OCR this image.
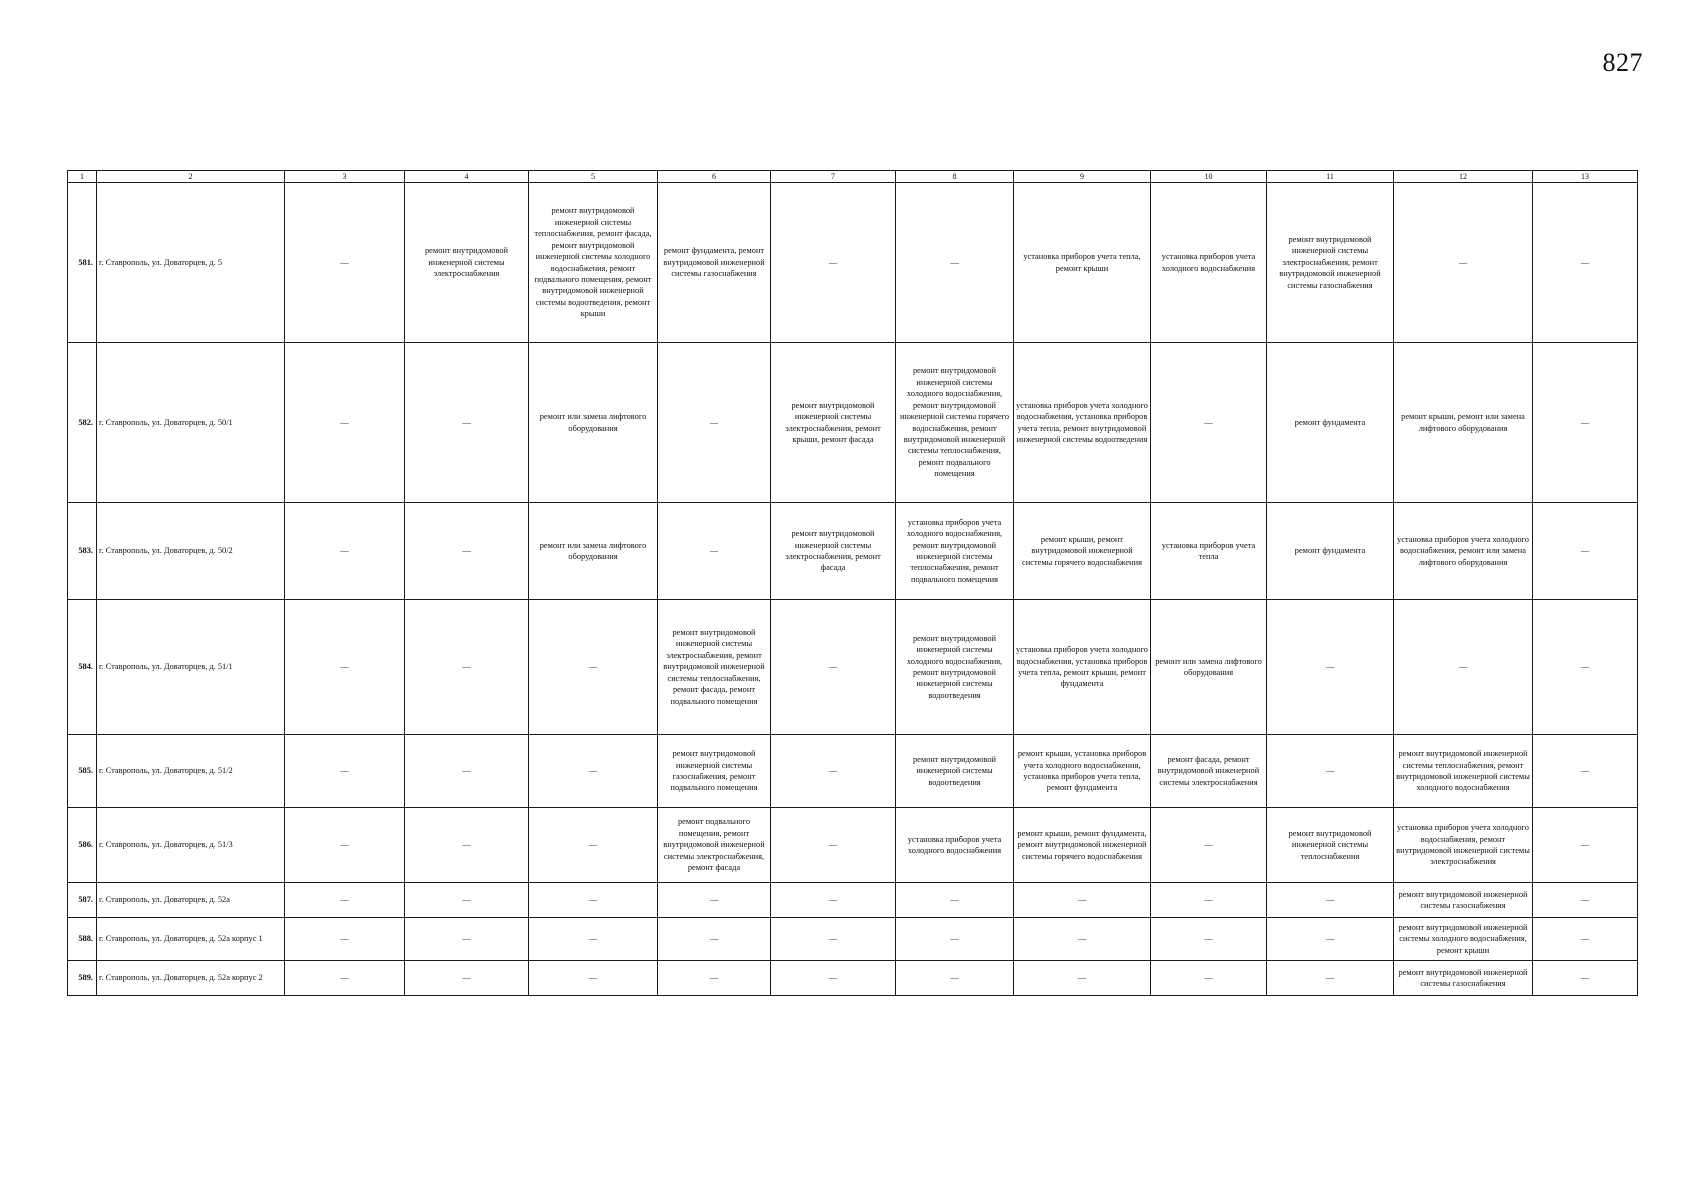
827
1	2	3	4	5	6	7	8	9	10	11	12	13
581.	г. Ставрополь, ул. Доваторцев, д. 5	—	ремонт внутридомовой инженерной системы электроснабжения	ремонт внутридомовой инженерной системы теплоснабжения, ремонт фасада, ремонт внутридомовой инженерной системы холодного водоснабжения, ремонт подвального помещения, ремонт внутридомовой инженерной системы водоотведения, ремонт крыши	ремонт фундамента, ремонт внутридомовой инженерной системы газоснабжения	—	—	установка приборов учета тепла, ремонт крыши	установка приборов учета холодного водоснабжения	ремонт внутридомовой инженерной системы электроснабжения, ремонт внутридомовой инженерной системы газоснабжения	—	—
582.	г. Ставрополь, ул. Доваторцев, д. 50/1	—	—	ремонт или замена лифтового оборудования	—	ремонт внутридомовой инженерной системы электроснабжения, ремонт крыши, ремонт фасада	ремонт внутридомовой инженерной системы холодного водоснабжения, ремонт внутридомовой инженерной системы горячего водоснабжения, ремонт внутридомовой инженерной системы теплоснабжения, ремонт подвального помещения	установка приборов учета холодного водоснабжения, установка приборов учета тепла, ремонт внутридомовой инженерной системы водоотведения	—	ремонт фундамента	ремонт крыши, ремонт или замена лифтового оборудования	—
583.	г. Ставрополь, ул. Доваторцев, д. 50/2	—	—	ремонт или замена лифтового оборудования	—	ремонт внутридомовой инженерной системы электроснабжения, ремонт фасада	установка приборов учета холодного водоснабжения, ремонт внутридомовой инженерной системы теплоснабжения, ремонт подвального помещения	ремонт крыши, ремонт внутридомовой инженерной системы горячего водоснабжения	установка приборов учета тепла	ремонт фундамента	установка приборов учета холодного водоснабжения, ремонт или замена лифтового оборудования	—
584.	г. Ставрополь, ул. Доваторцев, д. 51/1	—	—	—	ремонт внутридомовой инженерной системы электроснабжения, ремонт внутридомовой инженерной системы теплоснабжения, ремонт фасада, ремонт подвального помещения	—	ремонт внутридомовой инженерной системы холодного водоснабжения, ремонт внутридомовой инженерной системы водоотведения	установка приборов учета холодного водоснабжения, установка приборов учета тепла, ремонт крыши, ремонт фундамента	ремонт или замена лифтового оборудования	—	—	—
585.	г. Ставрополь, ул. Доваторцев, д. 51/2	—	—	—	ремонт внутридомовой инженерной системы газоснабжения, ремонт подвального помещения	—	ремонт внутридомовой инженерной системы водоотведения	ремонт крыши, установка приборов учета холодного водоснабжения, установка приборов учета тепла, ремонт фундамента	ремонт фасада, ремонт внутридомовой инженерной системы электроснабжения	—	ремонт внутридомовой инженерной системы теплоснабжения, ремонт внутридомовой инженерной системы холодного водоснабжения	—
586.	г. Ставрополь, ул. Доваторцев, д. 51/3	—	—	—	ремонт подвального помещения, ремонт внутридомовой инженерной системы электроснабжения, ремонт фасада	—	установка приборов учета холодного водоснабжения	ремонт крыши, ремонт фундамента, ремонт внутридомовой инженерной системы горячего водоснабжения	—	ремонт внутридомовой инженерной системы теплоснабжения	установка приборов учета холодного водоснабжения, ремонт внутридомовой инженерной системы электроснабжения	—
587.	г. Ставрополь, ул. Доваторцев, д. 52а	—	—	—	—	—	—	—	—	—	ремонт внутридомовой инженерной системы газоснабжения	—
588.	г. Ставрополь, ул. Доваторцев, д. 52а корпус 1	—	—	—	—	—	—	—	—	—	ремонт внутридомовой инженерной системы холодного водоснабжения, ремонт крыши	—
589.	г. Ставрополь, ул. Доваторцев, д. 52а корпус 2	—	—	—	—	—	—	—	—	—	ремонт внутридомовой инженерной системы газоснабжения	—
